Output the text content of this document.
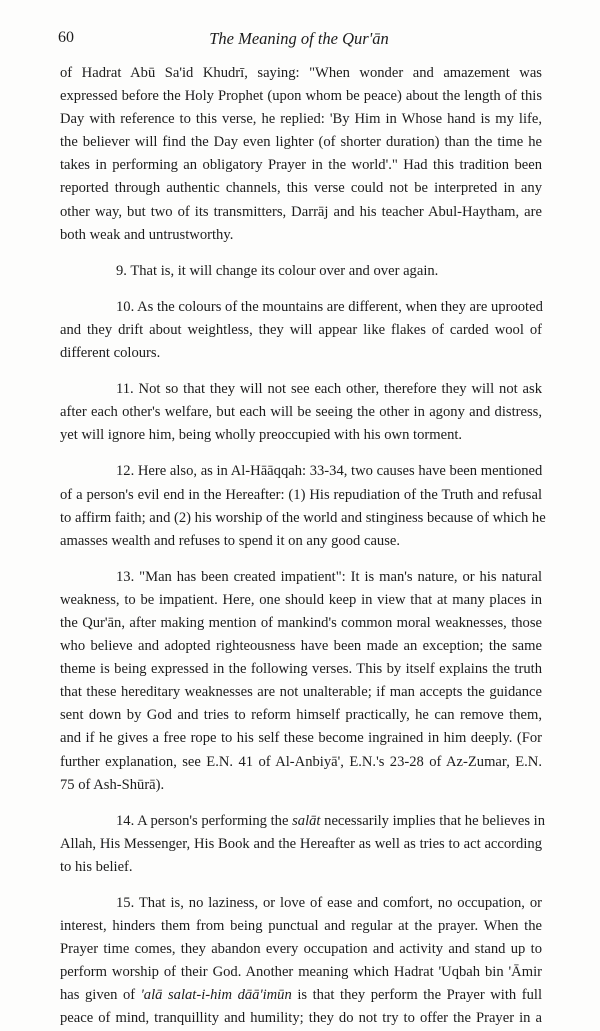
60	The Meaning of the Qur'ān
of Hadrat Abū Sa'id Khudrī, saying: "When wonder and amazement was
expressed before the Holy Prophet (upon whom be peace) about the length of this
Day with reference to this verse, he replied: 'By Him in Whose hand is my life,
the believer will find the Day even lighter (of shorter duration) than the time he
takes in performing an obligatory Prayer in the world'." Had this tradition been
reported through authentic channels, this verse could not be interpreted in any
other way, but two of its transmitters, Darrāj and his teacher Abul-Haytham, are
both weak and untrustworthy.
9. That is, it will change its colour over and over again.
10. As the colours of the mountains are different, when they are uprooted
and they drift about weightless, they will appear like flakes of carded wool of
different colours.
11. Not so that they will not see each other, therefore they will not ask
after each other's welfare, but each will be seeing the other in agony and distress,
yet will ignore him, being wholly preoccupied with his own torment.
12. Here also, as in Al-Hāāqqah: 33-34, two causes have been mentioned
of a person's evil end in the Hereafter: (1) His repudiation of the Truth and refusal
to affirm faith; and (2) his worship of the world and stinginess because of which he
amasses wealth and refuses to spend it on any good cause.
13. "Man has been created impatient": It is man's nature, or his natural
weakness, to be impatient. Here, one should keep in view that at many places in
the Qur'ān, after making mention of mankind's common moral weaknesses, those
who believe and adopted righteousness have been made an exception; the same
theme is being expressed in the following verses. This by itself explains the truth
that these hereditary weaknesses are not unalterable; if man accepts the guidance
sent down by God and tries to reform himself practically, he can remove them,
and if he gives a free rope to his self these become ingrained in him deeply. (For
further explanation, see E.N. 41 of Al-Anbiyā', E.N.'s 23-28 of Az-Zumar, E.N.
75 of Ash-Shūrā).
14. A person's performing the salāt necessarily implies that he believes in
Allah, His Messenger, His Book and the Hereafter as well as tries to act according
to his belief.
15. That is, no laziness, or love of ease and comfort, no occupation, or
interest, hinders them from being punctual and regular at the prayer. When the
Prayer time comes, they abandon every occupation and activity and stand up to
perform worship of their God. Another meaning which Hadrat 'Uqbah bin 'Āmir
has given of 'alā salat-i-him dāā'imūn is that they perform the Prayer with full
peace of mind, tranquillity and humility; they do not try to offer the Prayer in a
